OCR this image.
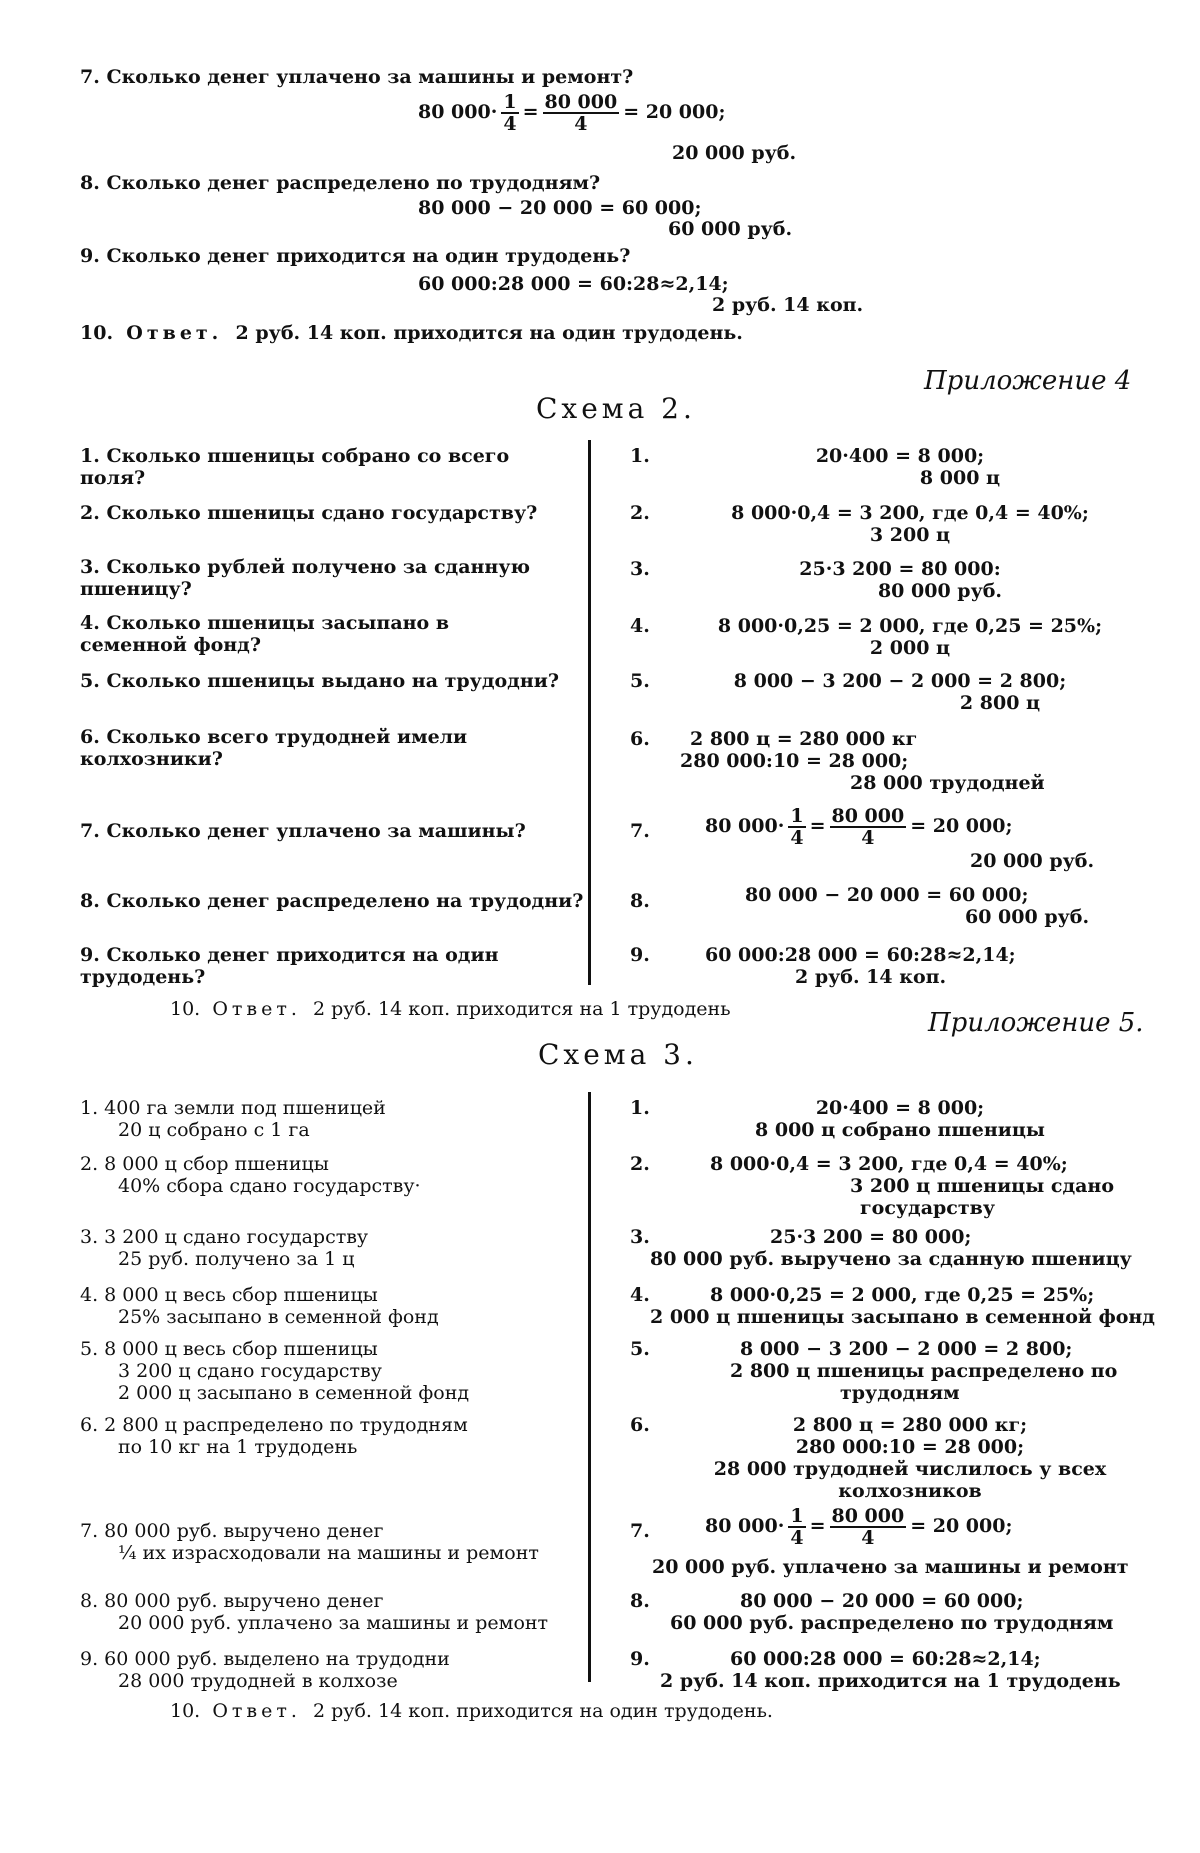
7. Сколько денег уплачено за машины и ремонт?
80 $000\cdot \frac{1}{4} = \frac{80 000}{4} = 20$ 000;
20 000 руб.
8. Сколько денег распределено по трудодням?
80 000 − 20 000 = 60 000;
60 000 руб.
9. Сколько денег приходится на один трудодень?
60 000:28 000 = 60:28≈2,14;
2 руб. 14 коп.
10. Ответ. 2 руб. 14 коп. приходится на один трудодень.
Приложение 4
Схема 2.
1. Сколько пшеницы собрано со всего поля?
1.	20·400 = 8 000;
8 000 ц
2. Сколько пшеницы сдано государству?	2.	8 000·0,4 = 3 200, где 0,4 = 40%;
3 200 ц
3. Сколько рублей получено за сданную пшеницу?
3.	25·3 200 = 80 000:
80 000 руб.
4. Сколько пшеницы засыпано в семенной фонд?
4.	8 000·0,25 = 2 000, где 0,25 = 25%;
2 000 ц
5. Сколько пшеницы выдано на трудодни?	5.	8 000 − 3 200 − 2 000 = 2 800;
2 800 ц
6. Сколько всего трудодней имели колхозники?
6. 2 800 ц = 280 000 кг
280 000:10 = 28 000;
28 000 трудодней
7. Сколько денег уплачено за машины?	7.	80 $000\cdot \frac{1}{4} = \frac{80 000}{4} = 20$ 000;
20 000 руб.
8. Сколько денег распределено на трудодни?	8.	80 000 − 20 000 = 60 000;
60 000 руб.
9. Сколько денег приходится на один трудодень?
9.	60 000:28 000 = 60:28≈2,14;
2 руб. 14 коп.
10. Ответ. 2 руб. 14 коп. приходится на 1 трудодень	Приложение 5.
Схема 3.
1. 400 га земли под пшеницей
20 ц собрано с 1 га
1.	20·400 = 8 000;
8 000 ц собрано пшеницы
2. 8 000 ц сбор пшеницы
40% сбора сдано государству·
2.	8 000·0,4 = 3 200, где 0,4 = 40%;
3 200 ц пшеницы сдано
государству
3. 3 200 ц сдано государству
25 руб. получено за 1 ц
3.	25·3 200 = 80 000;
80 000 руб. выручено за сданную пшеницу
4. 8 000 ц весь сбор пшеницы
25% засыпано в семенной фонд
4.	8 000·0,25 = 2 000, где 0,25 = 25%;
2 000 ц пшеницы засыпано в семенной фонд
5. 8 000 ц весь сбор пшеницы
3 200 ц сдано государству
2 000 ц засыпано в семенной фонд
5.	8 000 − 3 200 − 2 000 = 2 800;
2 800 ц пшеницы распределено по
трудодням
6. 2 800 ц распределено по трудодням
по 10 кг на 1 трудодень
6.	2 800 ц = 280 000 кг;
280 000:10 = 28 000;
28 000 трудодней числилось у всех
колхозников
7. 80 000 руб. выручено денег
¼ их израсходовали на машины и ремонт
7.	80 $000\cdot \frac{1}{4} = \frac{80 000}{4} = 20$ 000;
20 000 руб. уплачено за машины и ремонт
8. 80 000 руб. выручено денег
20 000 руб. уплачено за машины и ремонт
8.	80 000 − 20 000 = 60 000;
60 000 руб. распределено по трудодням
9. 60 000 руб. выделено на трудодни
28 000 трудодней в колхозе
9.	60 000:28 000 = 60:28≈2,14;
2 руб. 14 коп. приходится на 1 трудодень
10. Ответ. 2 руб. 14 коп. приходится на один трудодень.
